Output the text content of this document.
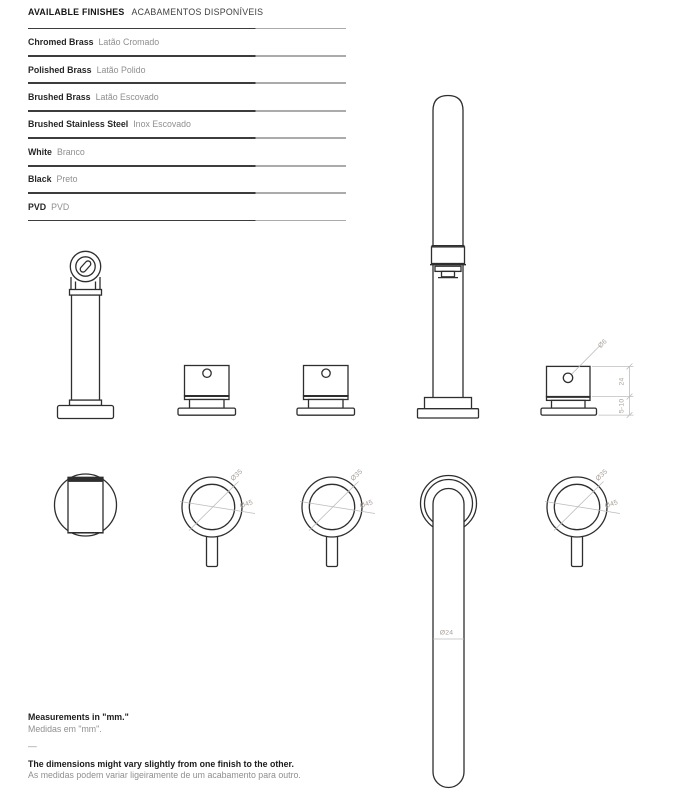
Ø6
24
5-10
Ø35
Ø45
Ø35
Ø45
Ø24
Ø35
Ø45
AVAILABLE FINISHES ACABAMENTOS DISPONÍVEIS
Chromed Brass Latão Cromado
Polished Brass Latão Polido
Brushed Brass Latão Escovado
Brushed Stainless Steel Inox Escovado
White Branco
Black Preto
PVD PVD
Measurements in "mm."
Medidas em "mm".
—
The dimensions might vary slightly from one finish to the other.
As medidas podem variar ligeiramente de um acabamento para outro.
